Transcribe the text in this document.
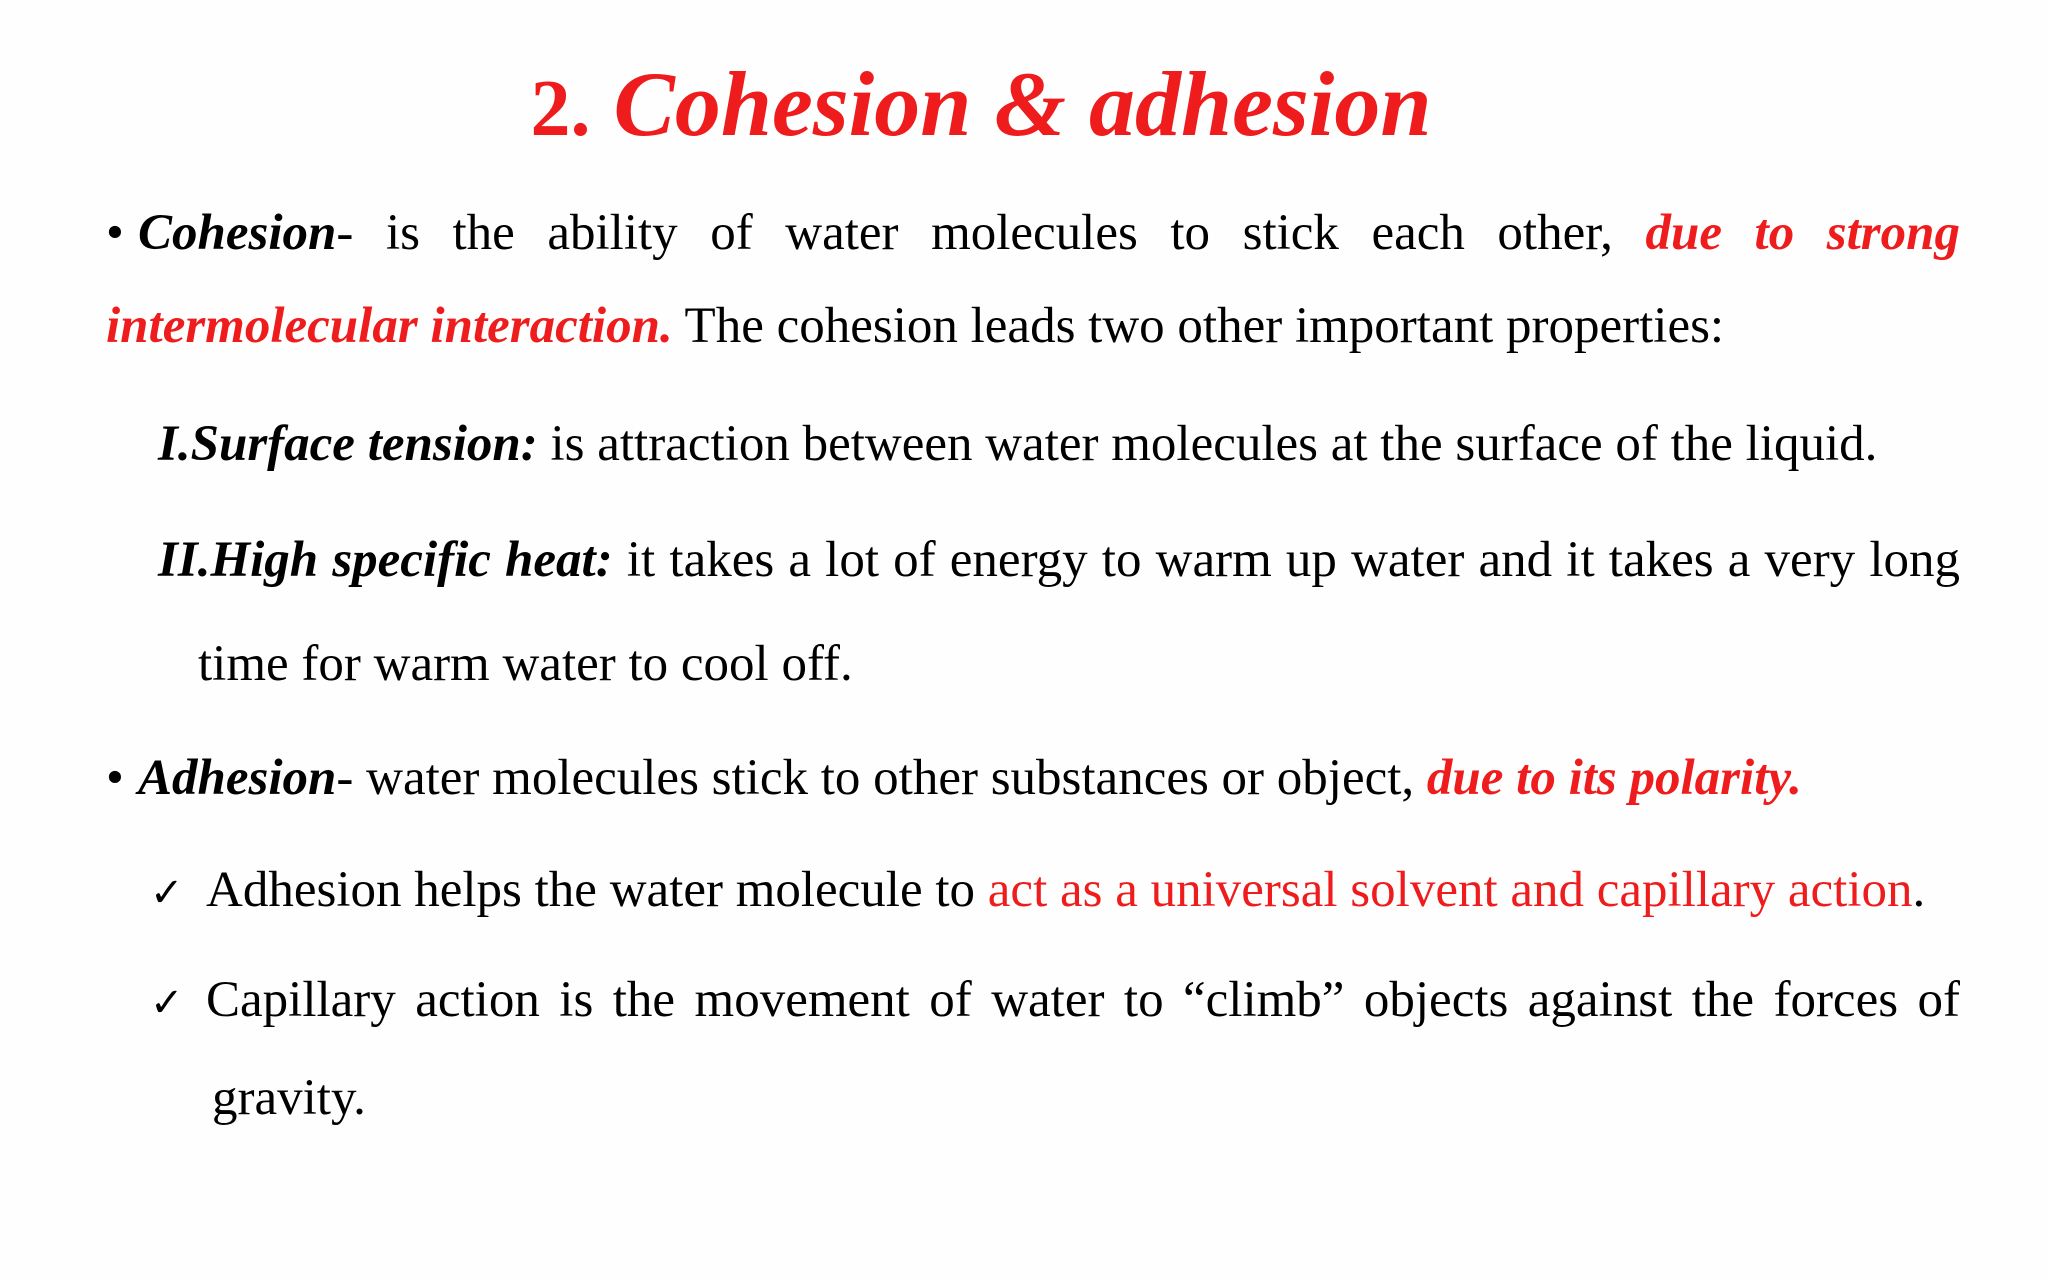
2. Cohesion & adhesion
• Cohesion- is the ability of water molecules to stick each other, due to strong
intermolecular interaction. The cohesion leads two other important properties:
I.Surface tension: is attraction between water molecules at the surface of the liquid.
II.High specific heat: it takes a lot of energy to warm up water and it takes a very long
time for warm water to cool off.
• Adhesion- water molecules stick to other substances or object, due to its polarity.
✓ Adhesion helps the water molecule to act as a universal solvent and capillary action.
✓ Capillary action is the movement of water to “climb” objects against the forces of
gravity.
